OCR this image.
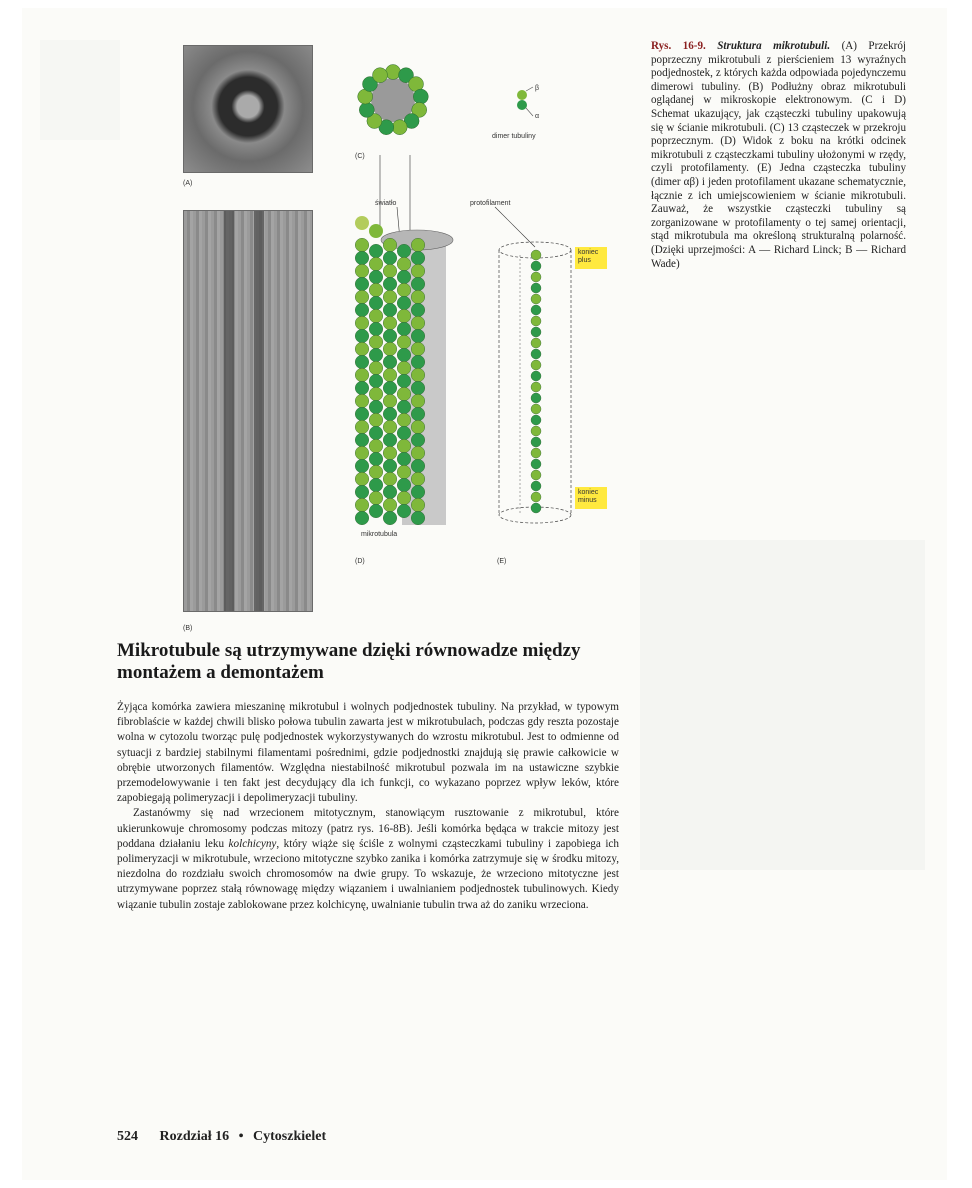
(A)
(B)
(C)
(D)	(E)
β
α
dimer tubuliny
światło	protofilament
mikrotubula
koniec plus
koniec minus
Rys. 16-9. Struktura mikrotubuli. (A) Przekrój poprzeczny mikrotubuli z pierścieniem 13 wyraźnych podjednostek, z których każda odpowiada pojedynczemu dimerowi tubuliny. (B) Podłużny obraz mikrotubuli oglądanej w mikroskopie elektronowym. (C i D) Schemat ukazujący, jak cząsteczki tubuliny upakowują się w ścianie mikrotubuli. (C) 13 cząsteczek w przekroju poprzecznym. (D) Widok z boku na krótki odcinek mikrotubuli z cząsteczkami tubuliny ułożonymi w rzędy, czyli protofilamenty. (E) Jedna cząsteczka tubuliny (dimer αβ) i jeden protofilament ukazane schematycznie, łącznie z ich umiejscowieniem w ścianie mikrotubuli. Zauważ, że wszystkie cząsteczki tubuliny są zorganizowane w protofilamenty o tej samej orientacji, stąd mikrotubula ma określoną strukturalną polarność. (Dzięki uprzejmości: A — Richard Linck; B — Richard Wade)
Mikrotubule są utrzymywane dzięki równowadze między montażem a demontażem

Żyjąca komórka zawiera mieszaninę mikrotubul i wolnych podjednostek tubuliny. Na przykład, w typowym fibroblaście w każdej chwili blisko połowa tubulin zawarta jest w mikrotubulach, podczas gdy reszta pozostaje wolna w cytozolu tworząc pulę podjednostek wykorzystywanych do wzrostu mikrotubul. Jest to odmienne od sytuacji z bardziej stabilnymi filamentami pośrednimi, gdzie podjednostki znajdują się prawie całkowicie w obrębie utworzonych filamentów. Względna niestabilność mikrotubul pozwala im na ustawiczne szybkie przemodelowywanie i ten fakt jest decydujący dla ich funkcji, co wykazano poprzez wpływ leków, które zapobiegają polimeryzacji i depolimeryzacji tubuliny.

Zastanówmy się nad wrzecionem mitotycznym, stanowiącym rusztowanie z mikrotubul, które ukierunkowuje chromosomy podczas mitozy (patrz rys. 16-8B). Jeśli komórka będąca w trakcie mitozy jest poddana działaniu leku kolchicyny, który wiąże się ściśle z wolnymi cząsteczkami tubuliny i zapobiega ich polimeryzacji w mikrotubule, wrzeciono mitotyczne szybko zanika i komórka zatrzymuje się w środku mitozy, niezdolna do rozdziału swoich chromosomów na dwie grupy. To wskazuje, że wrzeciono mitotyczne jest utrzymywane poprzez stałą równowagę między wiązaniem i uwalnianiem podjednostek tubulinowych. Kiedy wiązanie tubulin zostaje zablokowane przez kolchicynę, uwalnianie tubulin trwa aż do zaniku wrzeciona.

524 Rozdział 16 • Cytoszkielet
